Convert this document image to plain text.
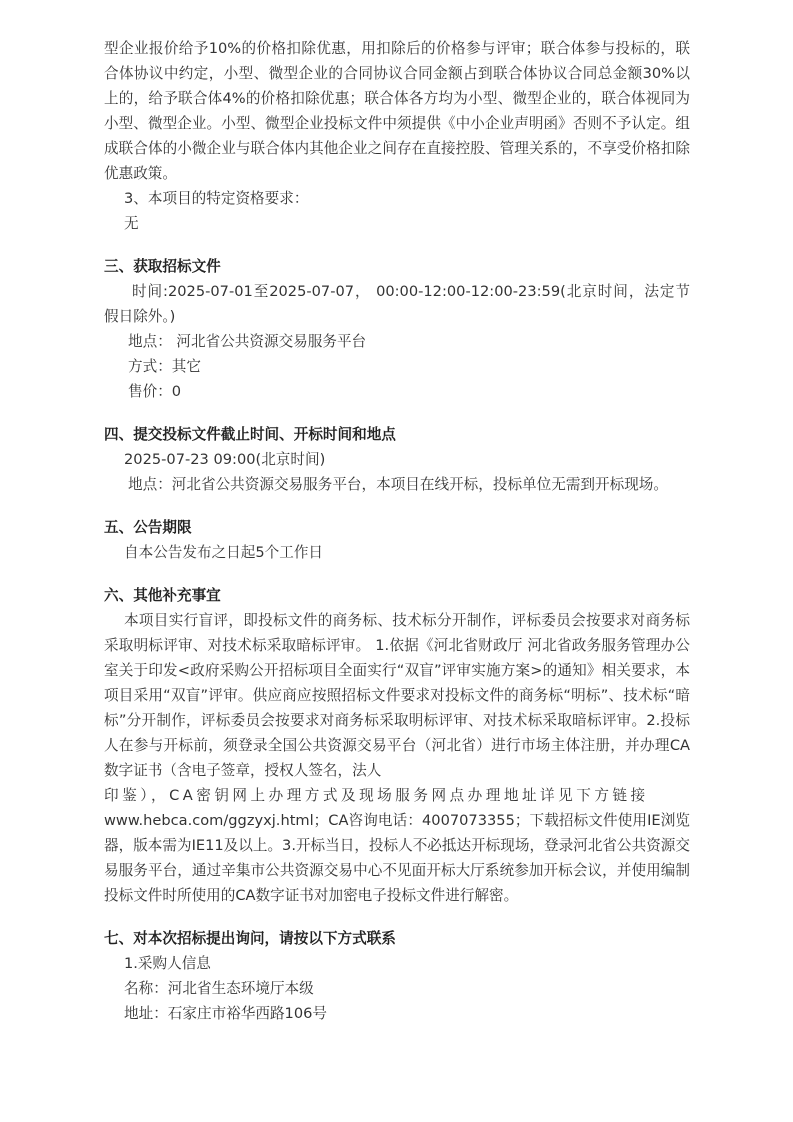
型企业报价给予10%的价格扣除优惠，用扣除后的价格参与评审；联合体参与投标的，联合体协议中约定，小型、微型企业的合同协议合同金额占到联合体协议合同总金额30%以上的，给予联合体4%的价格扣除优惠；联合体各方均为小型、微型企业的，联合体视同为小型、微型企业。小型、微型企业投标文件中须提供《中小企业声明函》否则不予认定。组成联合体的小微企业与联合体内其他企业之间存在直接控股、管理关系的，不享受价格扣除优惠政策。

3、本项目的特定资格要求：

无

三、获取招标文件

时间:2025-07-01至2025-07-07， 00:00-12:00-12:00-23:59(北京时间，法定节假日除外。)

地点： 河北省公共资源交易服务平台

方式：其它

售价：0

四、提交投标文件截止时间、开标时间和地点

2025-07-23 09:00(北京时间)

地点：河北省公共资源交易服务平台，本项目在线开标，投标单位无需到开标现场。

五、公告期限

自本公告发布之日起5个工作日

六、其他补充事宜

本项目实行盲评，即投标文件的商务标、技术标分开制作，评标委员会按要求对商务标采取明标评审、对技术标采取暗标评审。 1.依据《河北省财政厅 河北省政务服务管理办公室关于印发<政府采购公开招标项目全面实行“双盲”评审实施方案>的通知》相关要求，本项目采用“双盲”评审。供应商应按照招标文件要求对投标文件的商务标“明标”、技术标“暗标”分开制作，评标委员会按要求对商务标采取明标评审、对技术标采取暗标评审。2.投标人在参与开标前，须登录全国公共资源交易平台（河北省）进行市场主体注册，并办理CA数字证书（含电子签章，授权人签名，法人

印鉴），CA密钥网上办理方式及现场服务网点办理地址详见下方链接

www.hebca.com/ggzyxj.html；CA咨询电话：4007073355；下载招标文件使用IE浏览器，版本需为IE11及以上。3.开标当日，投标人不必抵达开标现场，登录河北省公共资源交易服务平台，通过辛集市公共资源交易中心不见面开标大厅系统参加开标会议，并使用编制投标文件时所使用的CA数字证书对加密电子投标文件进行解密。

七、对本次招标提出询问，请按以下方式联系

1.采购人信息

名称：河北省生态环境厅本级

地址：石家庄市裕华西路106号
